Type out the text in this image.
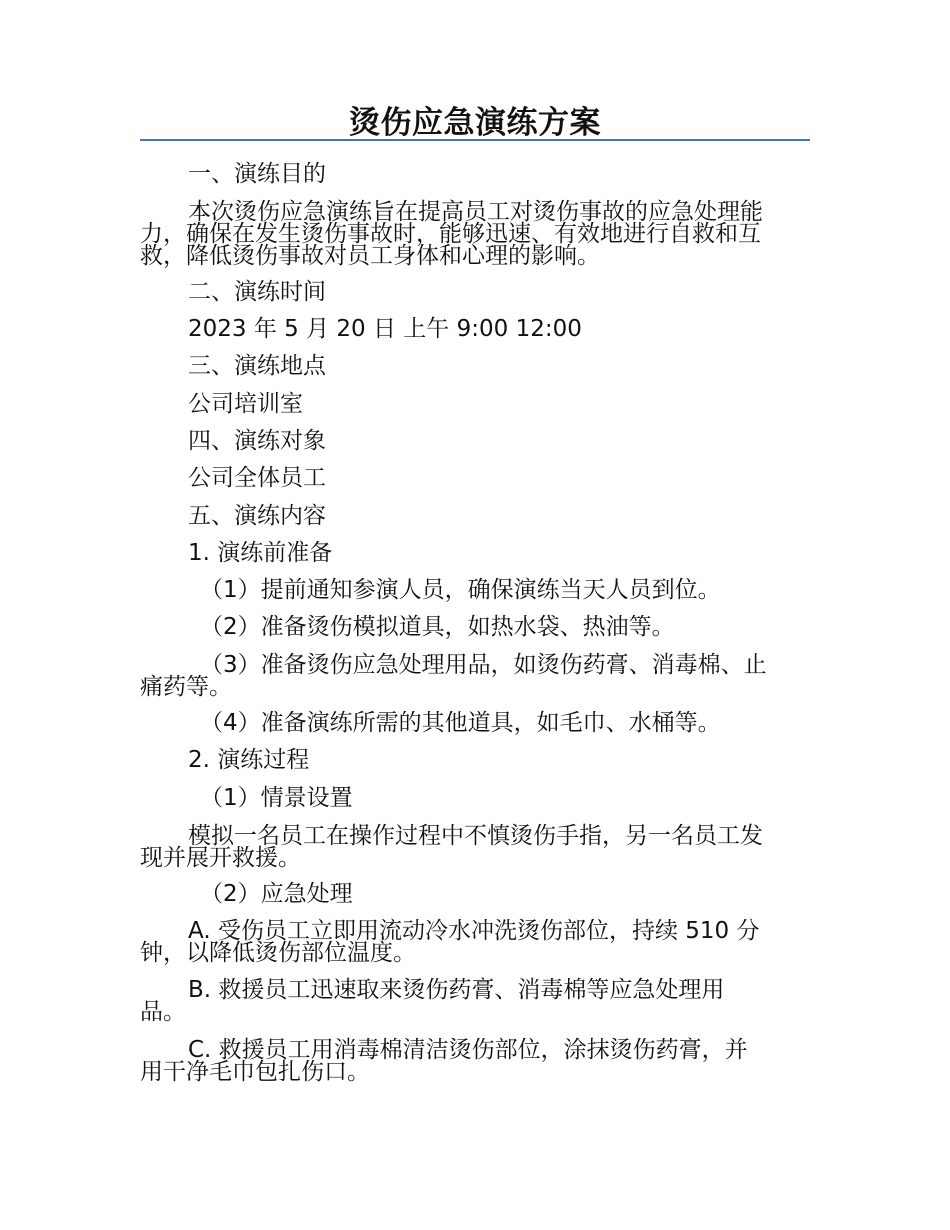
烫伤应急演练方案
一、演练目的
本次烫伤应急演练旨在提高员工对烫伤事故的应急处理能
力，确保在发生烫伤事故时，能够迅速、有效地进行自救和互
救，降低烫伤事故对员工身体和心理的影响。
二、演练时间
2023 年 5 月 20 日 上午 9:00 12:00
三、演练地点
公司培训室
四、演练对象
公司全体员工
五、演练内容
1. 演练前准备
（1）提前通知参演人员，确保演练当天人员到位。
（2）准备烫伤模拟道具，如热水袋、热油等。
（3）准备烫伤应急处理用品，如烫伤药膏、消毒棉、止
痛药等。
（4）准备演练所需的其他道具，如毛巾、水桶等。
2. 演练过程
（1）情景设置
模拟一名员工在操作过程中不慎烫伤手指，另一名员工发
现并展开救援。
（2）应急处理
A. 受伤员工立即用流动冷水冲洗烫伤部位，持续 510 分
钟，以降低烫伤部位温度。
B. 救援员工迅速取来烫伤药膏、消毒棉等应急处理用
品。
C. 救援员工用消毒棉清洁烫伤部位，涂抹烫伤药膏，并
用干净毛巾包扎伤口。
